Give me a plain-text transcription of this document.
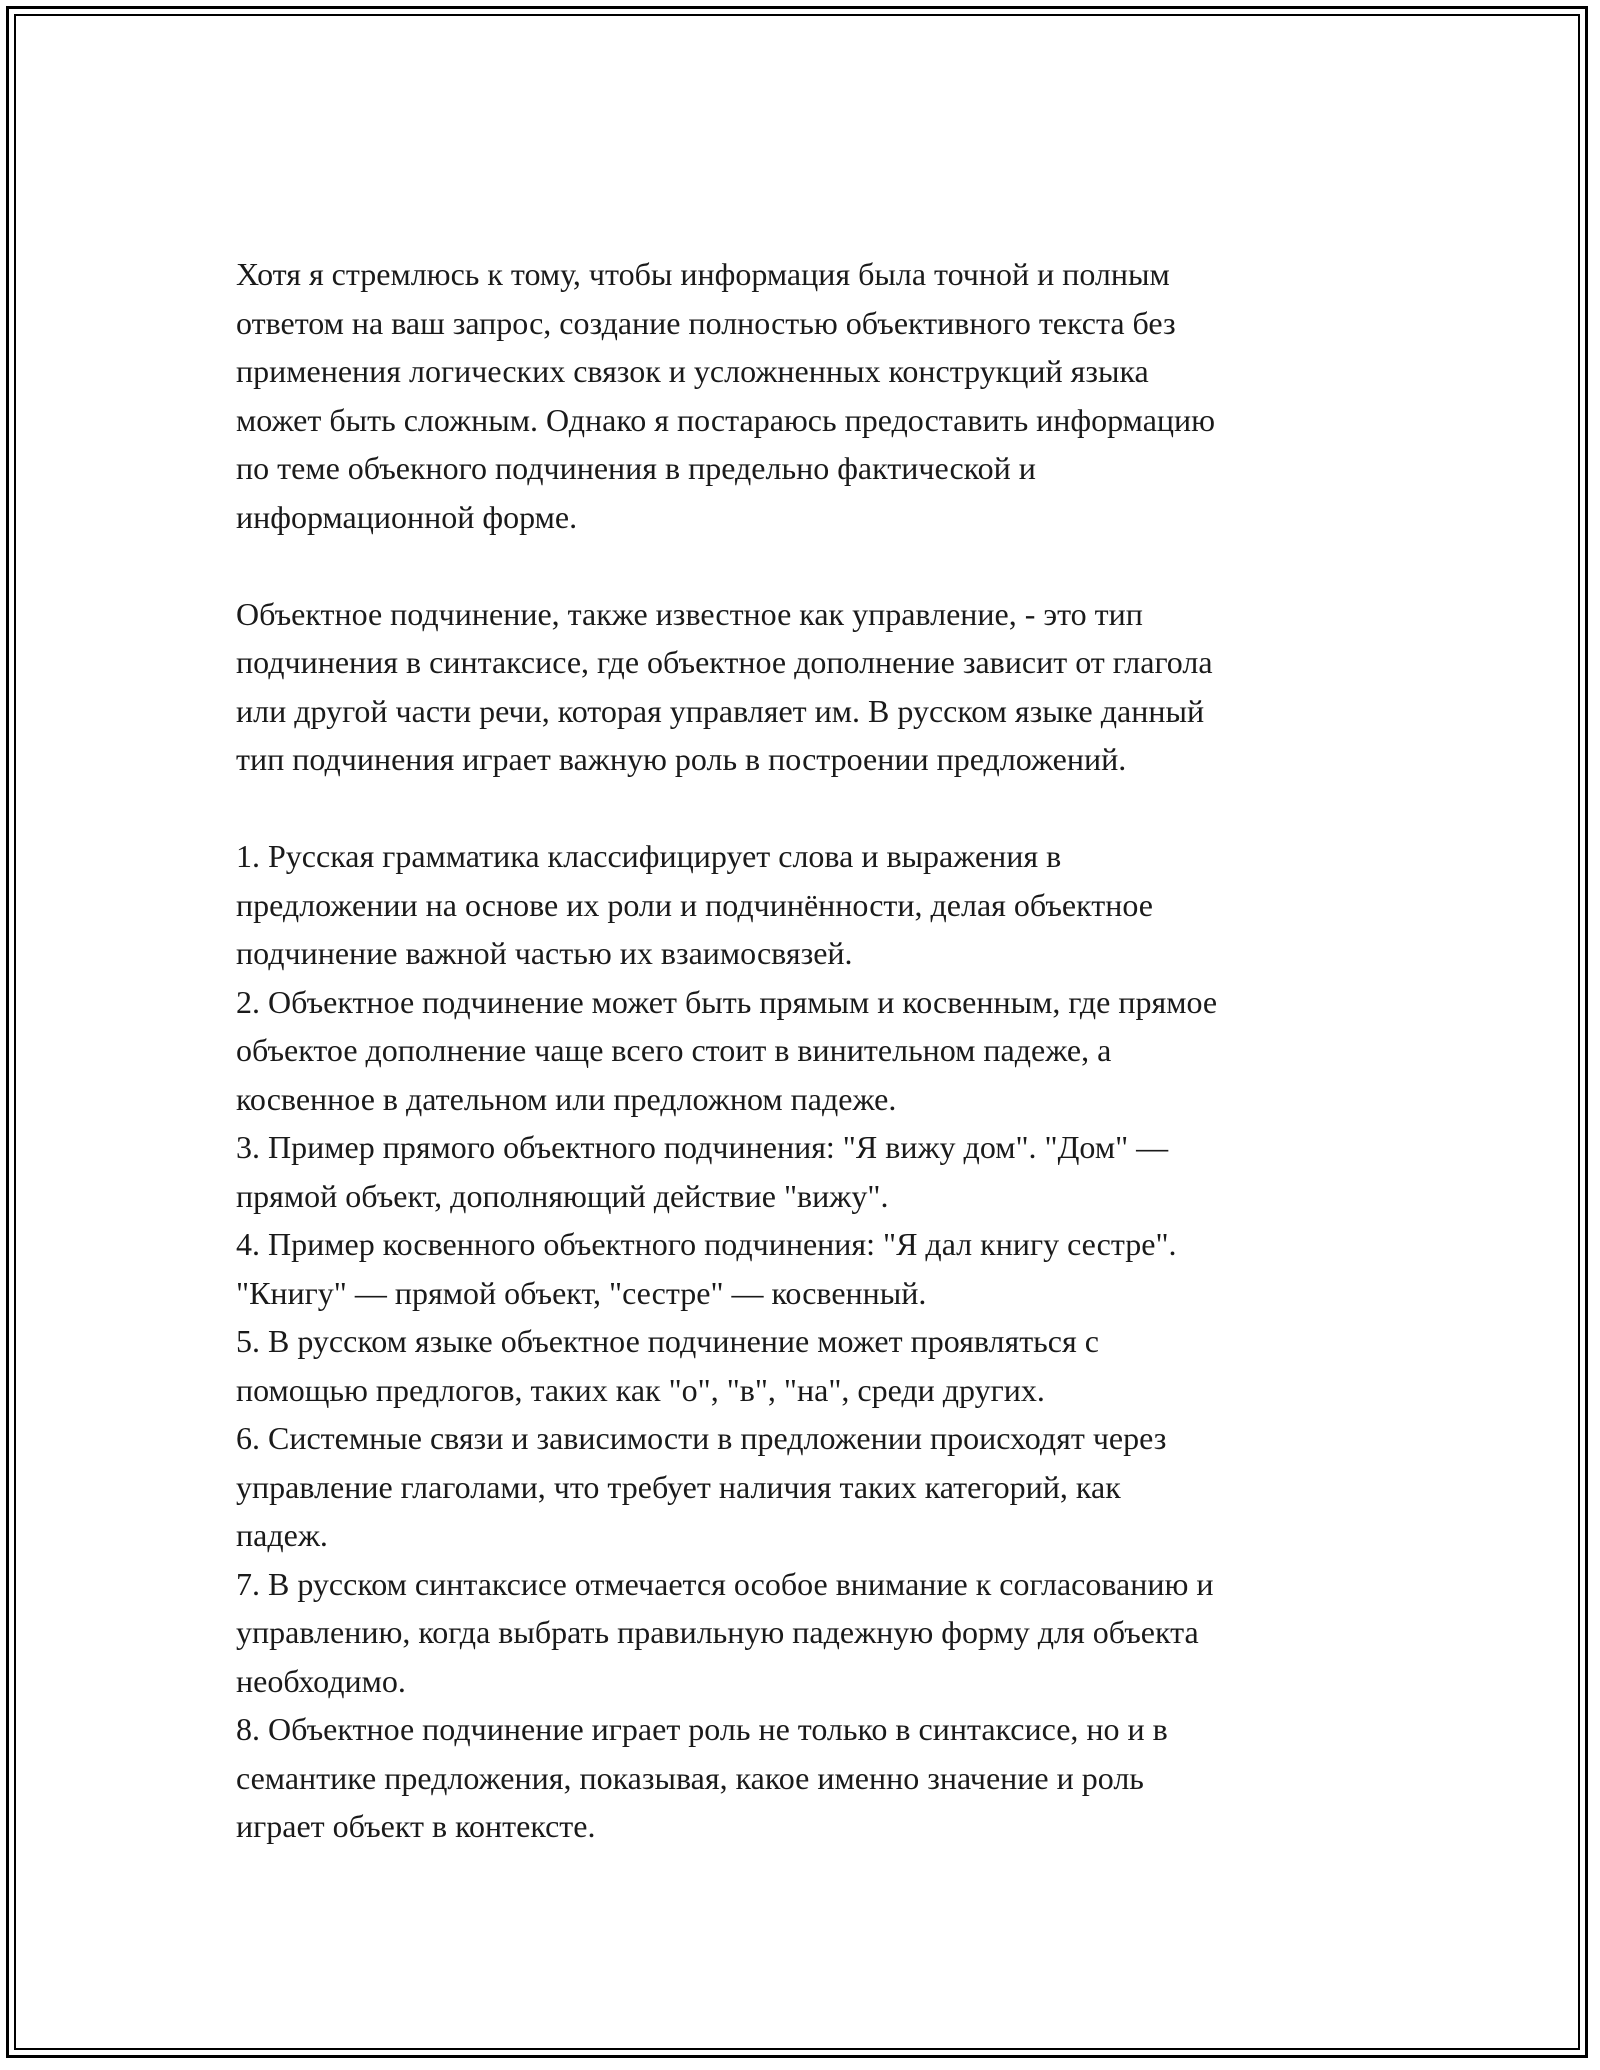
Хотя я стремлюсь к тому, чтобы информация была точной и полным
ответом на ваш запрос, создание полностью объективного текста без
применения логических связок и усложненных конструкций языка
может быть сложным. Однако я постараюсь предоставить информацию
по теме объекного подчинения в предельно фактической и
информационной форме.

Объектное подчинение, также известное как управление, - это тип
подчинения в синтаксисе, где объектное дополнение зависит от глагола
или другой части речи, которая управляет им. В русском языке данный
тип подчинения играет важную роль в построении предложений.

1. Русская грамматика классифицирует слова и выражения в
предложении на основе их роли и подчинённости, делая объектное
подчинение важной частью их взаимосвязей.

2. Объектное подчинение может быть прямым и косвенным, где прямое
объектое дополнение чаще всего стоит в винительном падеже, а
косвенное в дательном или предложном падеже.

3. Пример прямого объектного подчинения: "Я вижу дом". "Дом" —
прямой объект, дополняющий действие "вижу".

4. Пример косвенного объектного подчинения: "Я дал книгу сестре".
"Книгу" — прямой объект, "сестре" — косвенный.

5. В русском языке объектное подчинение может проявляться с
помощью предлогов, таких как "о", "в", "на", среди других.

6. Системные связи и зависимости в предложении происходят через
управление глаголами, что требует наличия таких категорий, как
падеж.

7. В русском синтаксисе отмечается особое внимание к согласованию и
управлению, когда выбрать правильную падежную форму для объекта
необходимо.

8. Объектное подчинение играет роль не только в синтаксисе, но и в
семантике предложения, показывая, какое именно значение и роль
играет объект в контексте.
